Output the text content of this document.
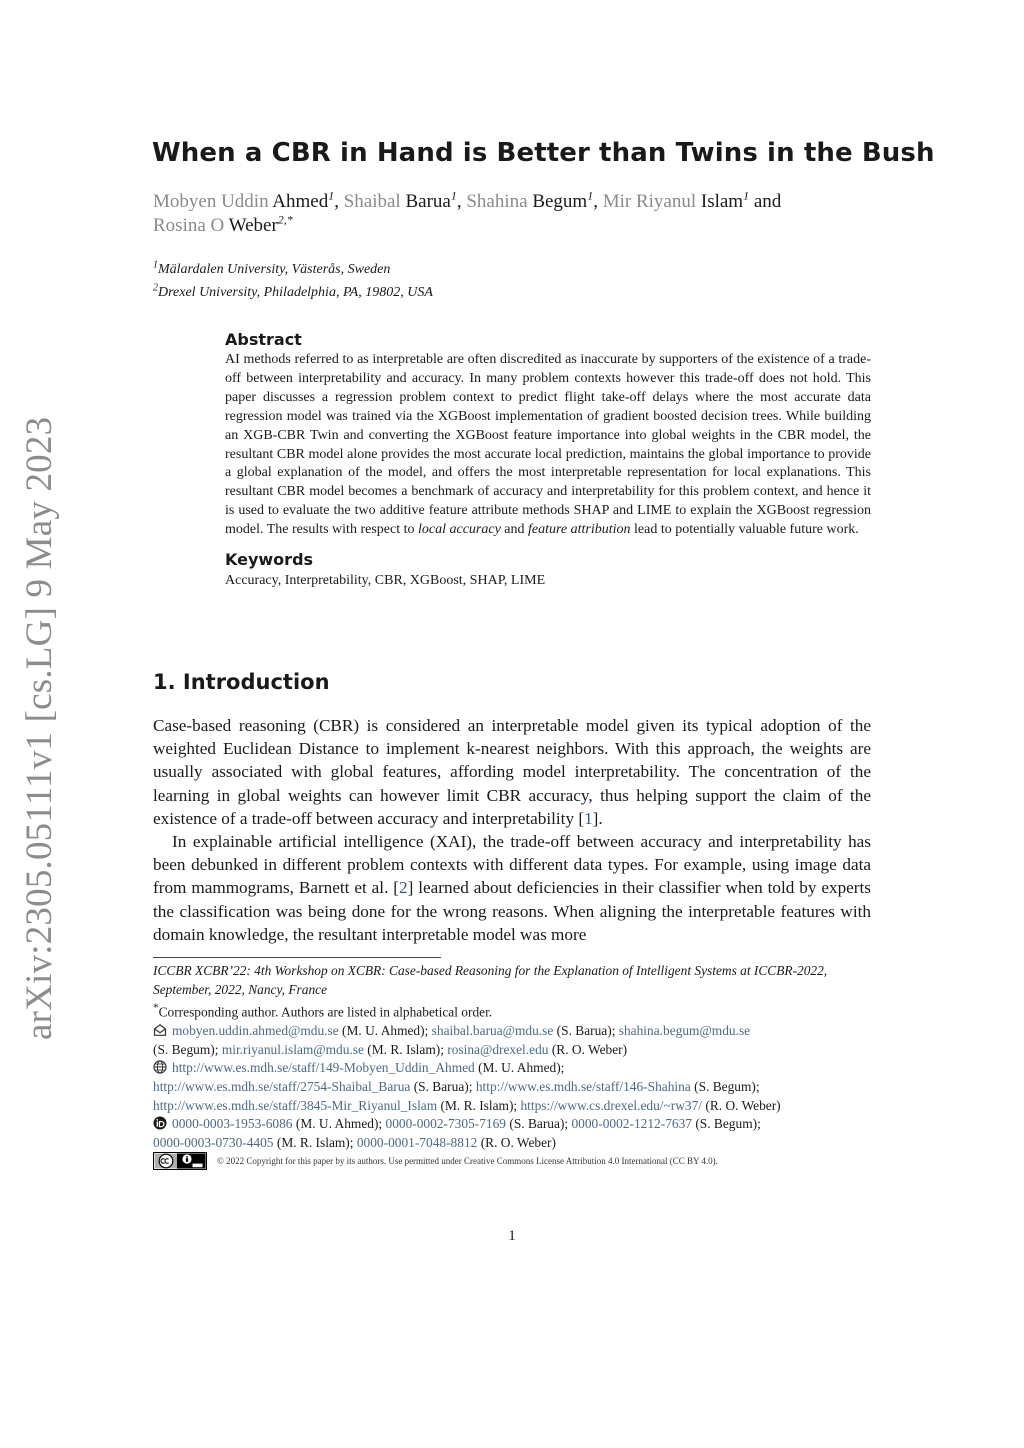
arXiv:2305.05111v1 [cs.LG] 9 May 2023
When a CBR in Hand is Better than Twins in the Bush
Mobyen Uddin Ahmed$^1$, Shaibal Barua$^1$, Shahina Begum$^1$, Mir Riyanul Islam$^1$ and
Rosina O Weber$^{2,*}$
$^1$Mälardalen University, Västerås, Sweden
$^2$Drexel University, Philadelphia, PA, 19802, USA
Abstract

AI methods referred to as interpretable are often discredited as inaccurate by supporters of the existence of a trade-off between interpretability and accuracy. In many problem contexts however this trade-off does not hold. This paper discusses a regression problem context to predict flight take-off delays where the most accurate data regression model was trained via the XGBoost implementation of gradient boosted decision trees. While building an XGB-CBR Twin and converting the XGBoost feature importance into global weights in the CBR model, the resultant CBR model alone provides the most accurate local prediction, maintains the global importance to provide a global explanation of the model, and offers the most interpretable representation for local explanations. This resultant CBR model becomes a benchmark of accuracy and interpretability for this problem context, and hence it is used to evaluate the two additive feature attribute methods SHAP and LIME to explain the XGBoost regression model. The results with respect to local accuracy and feature attribution lead to potentially valuable future work.

Keywords

Accuracy, Interpretability, CBR, XGBoost, SHAP, LIME

1. Introduction

Case-based reasoning (CBR) is considered an interpretable model given its typical adoption of the weighted Euclidean Distance to implement k-nearest neighbors. With this approach, the weights are usually associated with global features, affording model interpretability. The concentration of the learning in global weights can however limit CBR accuracy, thus helping support the claim of the existence of a trade-off between accuracy and interpretability [1].

In explainable artificial intelligence (XAI), the trade-off between accuracy and interpretability has been debunked in different problem contexts with different data types. For example, using image data from mammograms, Barnett et al. [2] learned about deficiencies in their classifier when told by experts the classification was being done for the wrong reasons. When aligning the interpretable features with domain knowledge, the resultant interpretable model was more

ICCBR XCBR’22: 4th Workshop on XCBR: Case-based Reasoning for the Explanation of Intelligent Systems at ICCBR-2022,
September, 2022, Nancy, France
*Corresponding author. Authors are listed in alphabetical order.
mobyen.uddin.ahmed@mdu.se (M. U. Ahmed); shaibal.barua@mdu.se (S. Barua); shahina.begum@mdu.se
(S. Begum); mir.riyanul.islam@mdu.se (M. R. Islam); rosina@drexel.edu (R. O. Weber)
http://www.es.mdh.se/staff/149-Mobyen_Uddin_Ahmed (M. U. Ahmed);
http://www.es.mdh.se/staff/2754-Shaibal_Barua (S. Barua); http://www.es.mdh.se/staff/146-Shahina (S. Begum);
http://www.es.mdh.se/staff/3845-Mir_Riyanul_Islam (M. R. Islam); https://www.cs.drexel.edu/~rw37/ (R. O. Weber)
0000-0003-1953-6086 (M. U. Ahmed); 0000-0002-7305-7169 (S. Barua); 0000-0002-1212-7637 (S. Begum);
0000-0003-0730-4405 (M. R. Islam); 0000-0001-7048-8812 (R. O. Weber)
© 2022 Copyright for this paper by its authors. Use permitted under Creative Commons License Attribution 4.0 International (CC BY 4.0).
1
